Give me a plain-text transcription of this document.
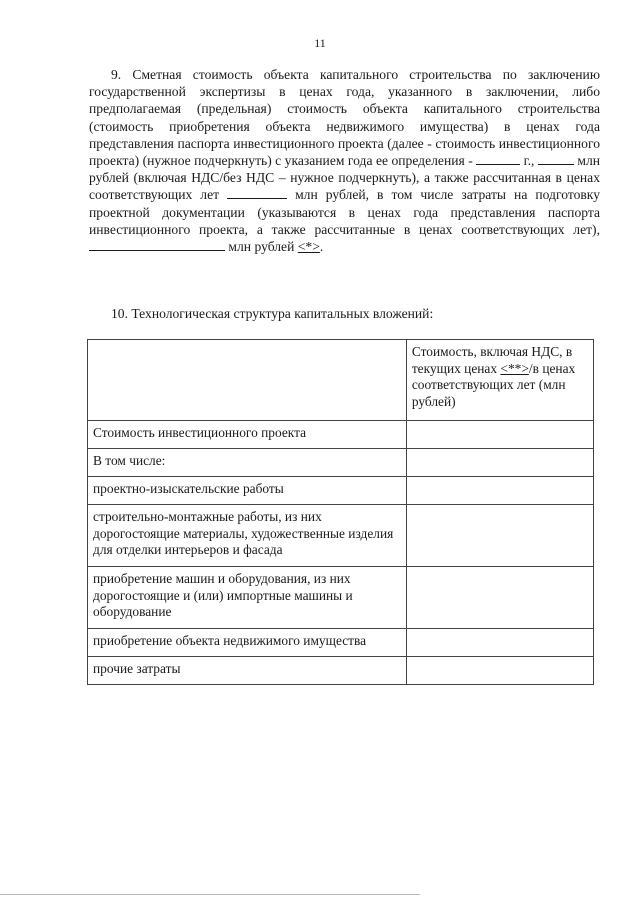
11

9. Сметная стоимость объекта капитального строительства по заключению государственной экспертизы в ценах года, указанного в заключении, либо предполагаемая (предельная) стоимость объекта капитального строительства (стоимость приобретения объекта недвижимого имущества) в ценах года представления паспорта инвестиционного проекта (далее - стоимость инвестиционного проекта) (нужное подчеркнуть) с указанием года ее определения -	г.,	млн рублей (включая НДС/без НДС – нужное подчеркнуть), а также рассчитанная в ценах соответствующих лет	млн рублей, в том числе затраты на подготовку проектной документации (указываются в ценах года представления паспорта инвестиционного проекта, а также рассчитанные в ценах соответствующих лет),  млн рублей <*>.

10. Технологическая структура капитальных вложений:

	Стоимость, включая НДС, в текущих ценах <**>/в ценах соответствующих лет (млн рублей)
Стоимость инвестиционного проекта	
В том числе:	
проектно-изыскательские работы	
строительно-монтажные работы, из них дорогостоящие материалы, художественные изделия для отделки интерьеров и фасада	
приобретение машин и оборудования, из них дорогостоящие и (или) импортные машины и оборудование	
приобретение объекта недвижимого имущества	
прочие затраты	
